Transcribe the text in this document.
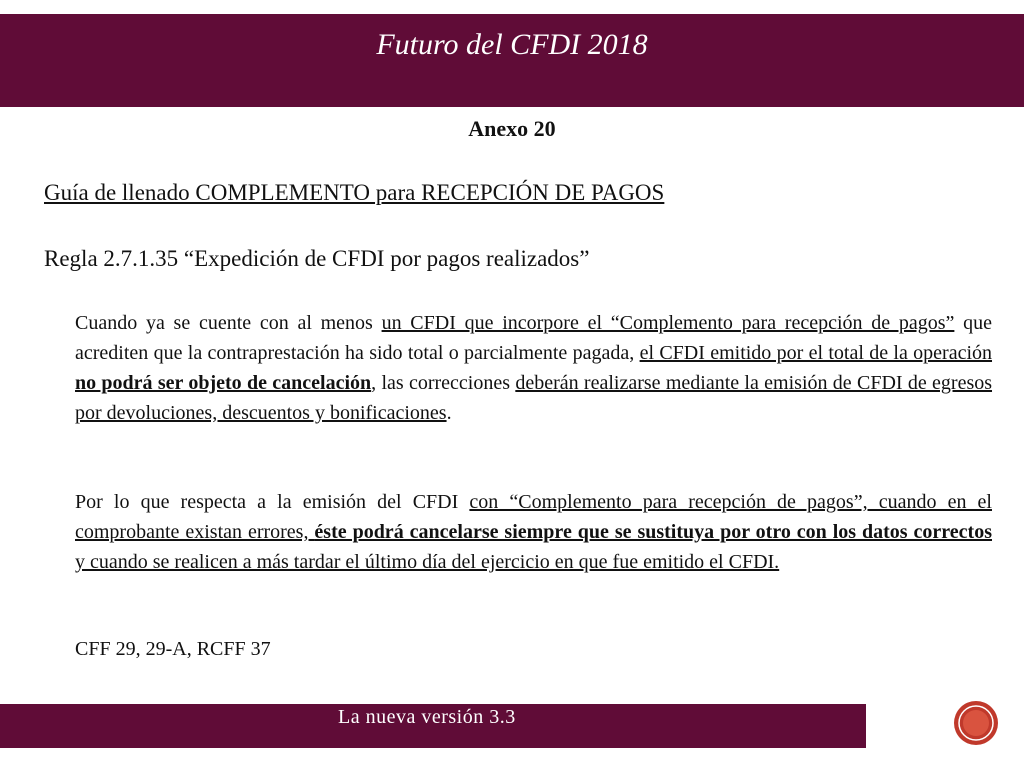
Futuro del CFDI 2018
Anexo 20
Guía de llenado COMPLEMENTO para RECEPCIÓN DE PAGOS
Regla 2.7.1.35 “Expedición de CFDI por pagos realizados”
Cuando ya se cuente con al menos un CFDI que incorpore el “Complemento para recepción de pagos” que acrediten que la contraprestación ha sido total o parcialmente pagada, el CFDI emitido por el total de la operación no podrá ser objeto de cancelación, las correcciones deberán realizarse mediante la emisión de CFDI de egresos por devoluciones, descuentos y bonificaciones.
Por lo que respecta a la emisión del CFDI con “Complemento para recepción de pagos”, cuando en el comprobante existan errores, éste podrá cancelarse siempre que se sustituya por otro con los datos correctos y cuando se realicen a más tardar el último día del ejercicio en que fue emitido el CFDI.
CFF 29, 29-A, RCFF 37
La nueva versión 3.3
